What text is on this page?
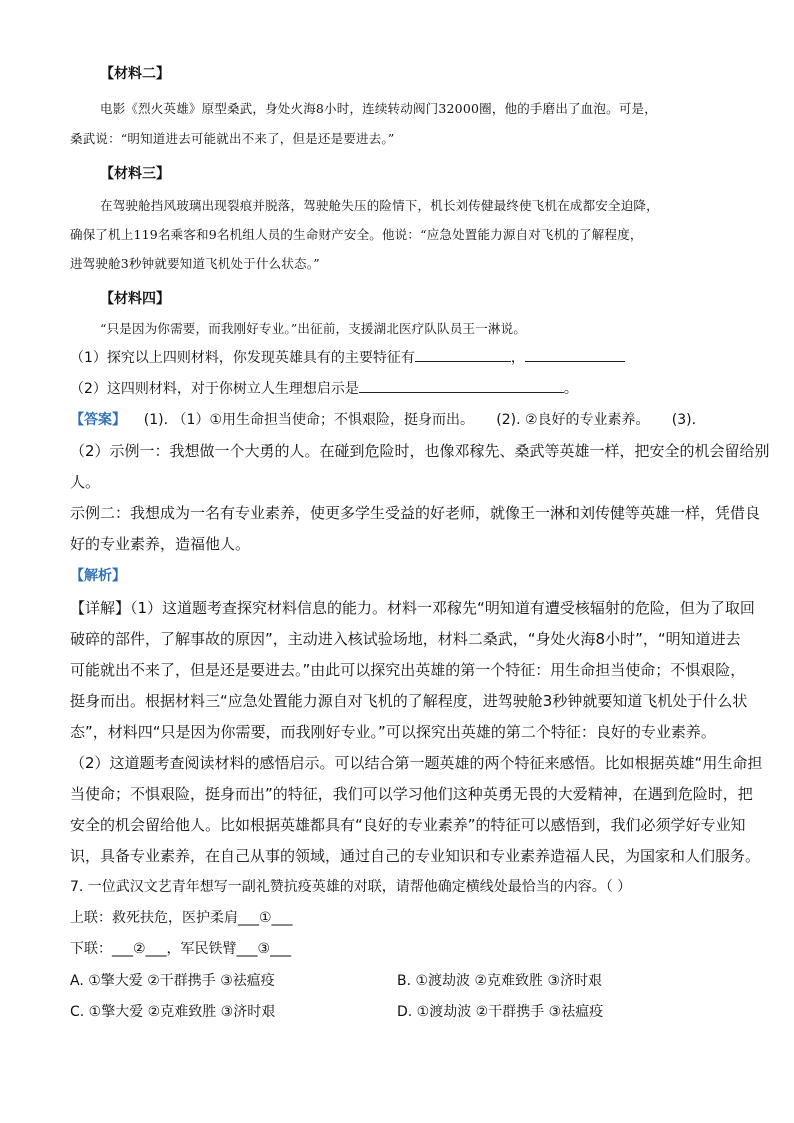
【材料二】
电影《烈火英雄》原型桑武，身处火海8小时，连续转动阀门32000圈，他的手磨出了血泡。可是，
桑武说：“明知道进去可能就出不来了，但是还是要进去。”
【材料三】
在驾驶舱挡风玻璃出现裂痕并脱落，驾驶舱失压的险情下，机长刘传健最终使飞机在成都安全迫降，
确保了机上119名乘客和9名机组人员的生命财产安全。他说：“应急处置能力源自对飞机的了解程度，
进驾驶舱3秒钟就要知道飞机处于什么状态。”
【材料四】
“只是因为你需要，而我刚好专业。”出征前，支援湖北医疗队队员王一淋说。
（1）探究以上四则材料，你发现英雄具有的主要特征有	，
（2）这四则材料，对于你树立人生理想启示是	。
【答案】    (1). （1）①用生命担当使命；不惧艰险，挺身而出。     (2). ②良好的专业素养。     (3).
（2）示例一：我想做一个大勇的人。在碰到危险时，也像邓稼先、桑武等英雄一样，把安全的机会留给别
人。
示例二：我想成为一名有专业素养，使更多学生受益的好老师，就像王一淋和刘传健等英雄一样，凭借良
好的专业素养，造福他人。
【解析】
【详解】（1）这道题考查探究材料信息的能力。材料一邓稼先“明知道有遭受核辐射的危险，但为了取回
破碎的部件，了解事故的原因”，主动进入核试验场地，材料二桑武，“身处火海8小时”，“明知道进去
可能就出不来了，但是还是要进去。”由此可以探究出英雄的第一个特征：用生命担当使命；不惧艰险，
挺身而出。根据材料三“应急处置能力源自对飞机的了解程度，进驾驶舱3秒钟就要知道飞机处于什么状
态”，材料四“只是因为你需要，而我刚好专业。”可以探究出英雄的第二个特征：良好的专业素养。
（2）这道题考查阅读材料的感悟启示。可以结合第一题英雄的两个特征来感悟。比如根据英雄“用生命担
当使命；不惧艰险，挺身而出”的特征，我们可以学习他们这种英勇无畏的大爱精神，在遇到危险时，把
安全的机会留给他人。比如根据英雄都具有“良好的专业素养”的特征可以感悟到，我们必须学好专业知
识，具备专业素养，在自己从事的领域，通过自己的专业知识和专业素养造福人民，为国家和人们服务。
7. 一位武汉文艺青年想写一副礼赞抗疫英雄的对联，请帮他确定横线处最恰当的内容。（ ）
上联：救死扶危，医护柔肩___①___
下联：___②___，军民铁臂___③___
A. ①擎大爱 ②干群携手 ③祛瘟疫	B. ①渡劫波 ②克难致胜 ③济时艰
C. ①擎大爱 ②克难致胜 ③济时艰	D. ①渡劫波 ②干群携手 ③祛瘟疫
